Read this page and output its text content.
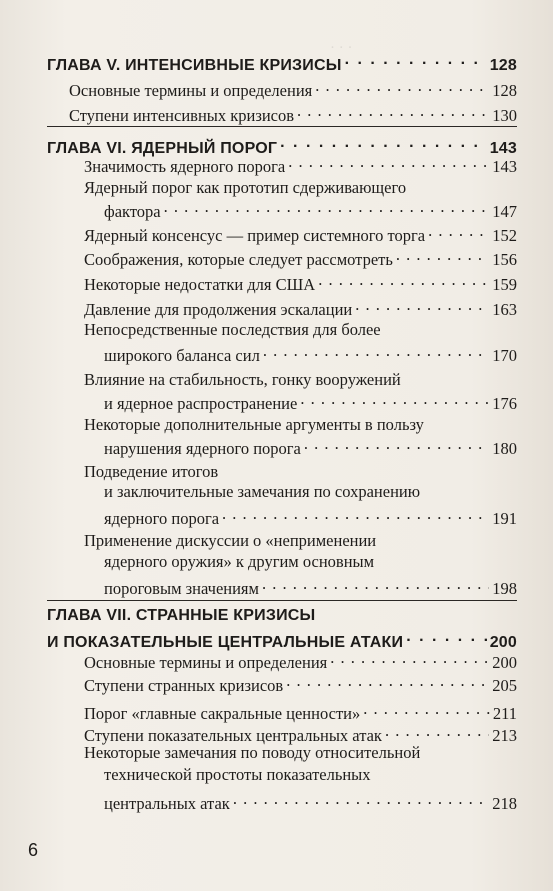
· · ·
ГЛАВА V. ИНТЕНСИВНЫЕ КРИЗИСЫ . . .	128
Основные термины и определения . . .	128
Ступени интенсивных кризисов . . .	130
ГЛАВА VI. ЯДЕРНЫЙ ПОРОГ . . .	143
Значимость ядерного порога . . .	143
Ядерный порог как прототип сдерживающего
фактора . . .	147
Ядерный консенсус — пример системного торга . . .	152
Соображения, которые следует рассмотреть . . .	156
Некоторые недостатки для США . . .	159
Давление для продолжения эскалации . . .	163
Непосредственные последствия для более
широкого баланса сил . . .	170
Влияние на стабильность, гонку вооружений
и ядерное распространение . . .	176
Некоторые дополнительные аргументы в пользу
нарушения ядерного порога . . .	180
Подведение итогов
и заключительные замечания по сохранению
ядерного порога . . .	191
Применение дискуссии о «неприменении
ядерного оружия» к другим основным
пороговым значениям . . .	198
ГЛАВА VII. СТРАННЫЕ КРИЗИСЫ
И ПОКАЗАТЕЛЬНЫЕ ЦЕНТРАЛЬНЫЕ АТАКИ . . .	200
Основные термины и определения . . .	200
Ступени странных кризисов . . .	205
Порог «главные сакральные ценности» . . .	211
Ступени показательных центральных атак . . .	213
Некоторые замечания по поводу относительной
технической простоты показательных
центральных атак . . .	218
6
